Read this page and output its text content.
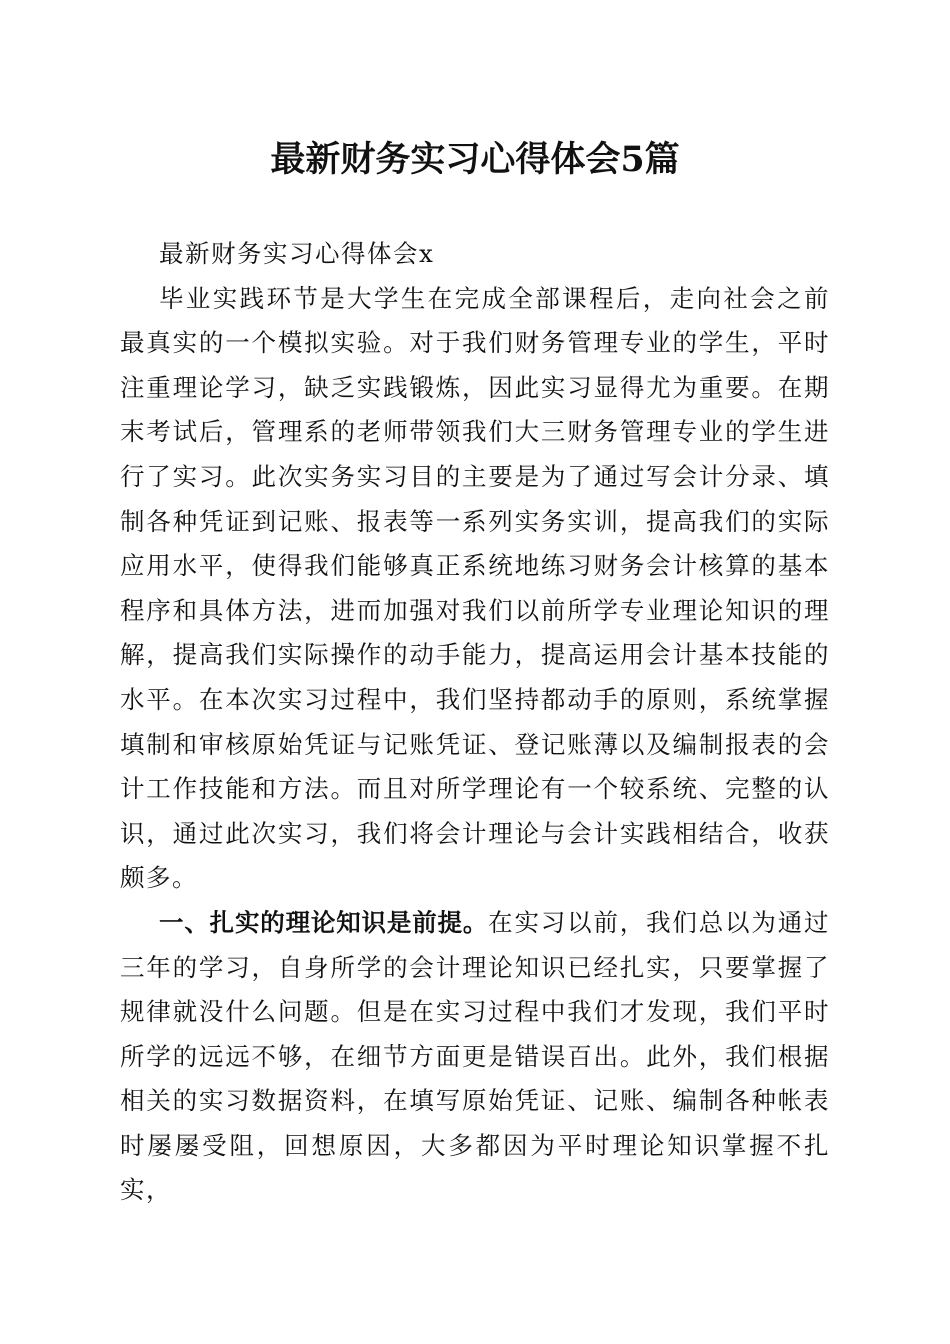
最新财务实习心得体会5篇

最新财务实习心得体会x

毕业实践环节是大学生在完成全部课程后，走向社会之前最真实的一个模拟实验。对于我们财务管理专业的学生，平时注重理论学习，缺乏实践锻炼，因此实习显得尤为重要。在期末考试后，管理系的老师带领我们大三财务管理专业的学生进行了实习。此次实务实习目的主要是为了通过写会计分录、填制各种凭证到记账、报表等一系列实务实训，提高我们的实际应用水平，使得我们能够真正系统地练习财务会计核算的基本程序和具体方法，进而加强对我们以前所学专业理论知识的理解，提高我们实际操作的动手能力，提高运用会计基本技能的水平。在本次实习过程中，我们坚持都动手的原则，系统掌握填制和审核原始凭证与记账凭证、登记账薄以及编制报表的会计工作技能和方法。而且对所学理论有一个较系统、完整的认识，通过此次实习，我们将会计理论与会计实践相结合，收获颇多。

一、扎实的理论知识是前提。在实习以前，我们总以为通过三年的学习，自身所学的会计理论知识已经扎实，只要掌握了规律就没什么问题。但是在实习过程中我们才发现，我们平时所学的远远不够，在细节方面更是错误百出。此外，我们根据相关的实习数据资料，在填写原始凭证、记账、编制各种帐表时屡屡受阻，回想原因，大多都因为平时理论知识掌握不扎实，
